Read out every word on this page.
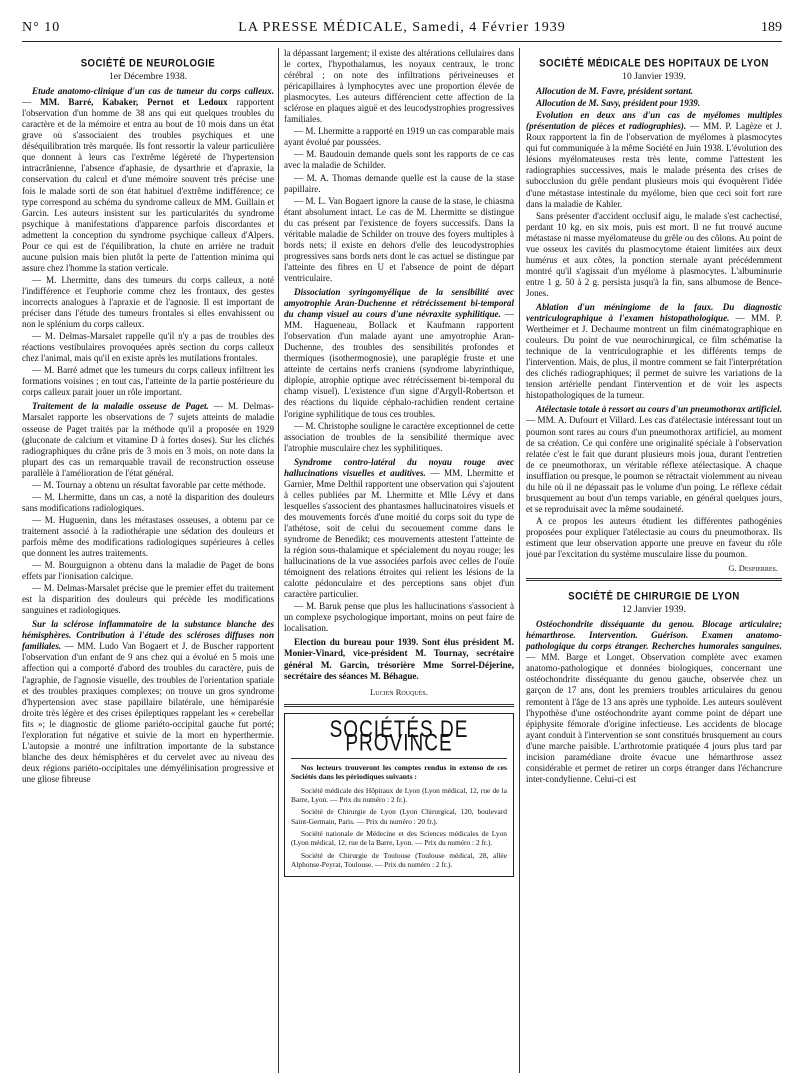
N° 10	LA PRESSE MÉDICALE, Samedi, 4 Février 1939	189
SOCIÉTÉ DE NEUROLOGIE
1er Décembre 1938.

Etude anatomo-clinique d'un cas de tumeur du corps calleux. — MM. Barré, Kabaker, Pernot et Ledoux rapportent l'observation d'un homme de 38 ans qui eut quelques troubles du caractère et de la mémoire et entra au bout de 10 mois dans un état grave où s'associaient des troubles psychiques et une déséquilibration très marquée. Ils font ressortir la valeur particulière que donnent à leurs cas l'extrême légèreté de l'hypertension intracrânienne, l'absence d'aphasie, de dysarthrie et d'apraxie, la conservation du calcul et d'une mémoire souvent très précise une fois le malade sorti de son état habituel d'extrême indifférence; ce type correspond au schéma du syndrome calleux de MM. Guillain et Garcin. Les auteurs insistent sur les particularités du syndrome psychique à manifestations d'apparence parfois discordantes et admettent la conception du syndrome psychique calleux d'Alpers. Pour ce qui est de l'équilibration, la chute en arrière ne traduit aucune pulsion mais bien plutôt la perte de l'attention minima qui assure chez l'homme la station verticale.

— M. Lhermitte, dans des tumeurs du corps calleux, a noté l'indifférence et l'euphorie comme chez les frontaux, des gestes incorrects analogues à l'apraxie et de l'agnosie. Il est important de préciser dans l'étude des tumeurs frontales si elles envahissent ou non le splénium du corps calleux.

— M. Delmas-Marsalet rappelle qu'il n'y a pas de troubles des réactions vestibulaires provoquées après section du corps calleux chez l'animal, mais qu'il en existe après les mutilations frontales.

— M. Barré admet que les tumeurs du corps calleux infiltrent les formations voisines ; en tout cas, l'atteinte de la partie postérieure du corps calleux parait jouer un rôle important.

Traitement de la maladie osseuse de Paget. — M. Delmas-Marsalet rapporte les observations de 7 sujets atteints de maladie osseuse de Paget traités par la méthode qu'il a proposée en 1929 (gluconate de calcium et vitamine D à fortes doses). Sur les clichés radiographiques du crâne pris de 3 mois en 3 mois, on note dans la plupart des cas un remarquable travail de reconstruction osseuse parallèle à l'amélioration de l'état général.

— M. Tournay a obtenu un résultat favorable par cette méthode.

— M. Lhermitte, dans un cas, a noté la disparition des douleurs sans modifications radiologiques.

— M. Huguenin, dans les métastases osseuses, a obtenu par ce traitement associé à la radiothérapie une sédation des douleurs et parfois même des modifications radiologiques supérieures à celles que donnent les autres traitements.

— M. Bourguignon a obtenu dans la maladie de Paget de bons effets par l'ionisation calcique.

— M. Delmas-Marsalet précise que le premier effet du traitement est la disparition des douleurs qui précède les modifications sanguines et radiologiques.

Sur la sclérose inflammatoire de la substance blanche des hémisphères. Contribution à l'étude des scléroses diffuses non familiales. — MM. Ludo Van Bogaert et J. de Buscher rapportent l'observation d'un enfant de 9 ans chez qui a évolué en 5 mois une affection qui a comporté d'abord des troubles du caractère, puis de l'agraphie, de l'agnosie visuelle, des troubles de l'orientation spatiale et des troubles praxiques complexes; on trouve un gros syndrome d'hypertension avec stase papillaire bilatérale, une hémiparésie droite très légère et des crises épileptiques rappelant les « cerebellar fits »; le diagnostic de gliome pariéto-occipital gauche fut porté; l'exploration fut négative et suivie de la mort en hyperthermie. L'autopsie a montré une infiltration importante de la substance blanche des deux hémisphères et du cervelet avec au niveau des deux régions pariéto-occipitales une démyélinisation progressive et une gliose fibreuse

la dépassant largement; il existe des altérations cellulaires dans le cortex, l'hypothalamus, les noyaux centraux, le tronc cérébral ; on note des infiltrations périveineuses et péricapillaires à lymphocytes avec une proportion élevée de plasmocytes. Les auteurs différencient cette affection de la sclérose en plaques aiguë et des leucodystrophies progressives familiales.

— M. Lhermitte a rapporté en 1919 un cas comparable mais ayant évolué par poussées.

— M. Baudouin demande quels sont les rapports de ce cas avec la maladie de Schilder.

— M. A. Thomas demande quelle est la cause de la stase papillaire.

— M. L. Van Bogaert ignore la cause de la stase, le chiasma étant absolument intact. Le cas de M. Lhermitte se distingue du cas présent par l'existence de foyers successifs. Dans la véritable maladie de Schilder on trouve des foyers multiples à bords nets; il existe en dehors d'elle des leucodystrophies progressives sans bords nets dont le cas actuel se distingue par l'atteinte des fibres en U et l'absence de point de départ ventriculaire.

Dissociation syringomyélique de la sensibilité avec amyotrophie Aran-Duchenne et rétrécissement bi-temporal du champ visuel au cours d'une névraxite syphilitique. — MM. Hagueneau, Bollack et Kaufmann rapportent l'observation d'un malade ayant une amyotrophie Aran-Duchenne, des troubles des sensibilités profondes et thermiques (isothermognosie), une paraplégie fruste et une atteinte de certains nerfs craniens (syndrome labyrinthique, diplopie, atrophie optique avec rétrécissement bi-temporal du champ visuel). L'existence d'un signe d'Argyll-Robertson et des réactions du liquide céphalo-rachidien rendent certaine l'origine syphilitique de tous ces troubles.

— M. Christophe souligne le caractère exceptionnel de cette association de troubles de la sensibilité thermique avec l'atrophie musculaire chez les syphilitiques.

Syndrome contro-latéral du noyau rouge avec hallucinations visuelles et auditives. — MM. Lhermitte et Garnier, Mme Delthil rapportent une observation qui s'ajoutent à celles publiées par M. Lhermitte et Mlle Lévy et dans lesquelles s'associent des phantasmes hallucinatoires visuels et des mouvements forcés d'une moitié du corps soit du type de l'athétose, soit de celui du secouement comme dans le syndrome de Benedikt; ces mouvements attestent l'atteinte de la région sous-thalamique et spécialement du noyau rouge; les hallucinations de la vue associées parfois avec celles de l'ouïe témoignent des relations étroites qui relient les lésions de la calotte pédonculaire et des perceptions sans objet d'un caractère particulier.

— M. Baruk pense que plus les hallucinations s'associent à un complexe psychologique important, moins on peut faire de localisation.

Election du bureau pour 1939. Sont élus président M. Monier-Vinard, vice-président M. Tournay, secrétaire général M. Garcin, trésorière Mme Sorrel-Déjerine, secrétaire des séances M. Béhague.

Lucien Rouquès.
SOCIÉTÉS DE PROVINCE

Nos lecteurs trouveront les comptes rendus in extenso de ces Sociétés dans les périodiques suivants :

Société médicale des Hôpitaux de Lyon (Lyon médical, 12, rue de la Barre, Lyon. — Prix du numéro : 2 fr.).

Société de Chirurgie de Lyon (Lyon Chirurgical, 120, boulevard Saint-Germain, Paris. — Prix du numéro : 20 fr.).

Société nationale de Médecine et des Sciences médicales de Lyon (Lyon médical, 12, rue de la Barre, Lyon. — Prix du numéro : 2 fr.).

Société de Chirurgie de Toulouse (Toulouse médical, 28, allée Alphonse-Peyrat, Toulouse. — Prix du numéro : 2 fr.).

SOCIÉTÉ MÉDICALE DES HOPITAUX DE LYON
10 Janvier 1939.

Allocution de M. Favre, président sortant.

Allocution de M. Savy, président pour 1939.

Evolution en deux ans d'un cas de myélomes multiples (présentation de pièces et radiographies). — MM. P. Lagèze et J. Roux rapportent la fin de l'observation de myélomes à plasmocytes qui fut communiquée à la même Société en Juin 1938. L'évolution des lésions myélomateuses resta très lente, comme l'attestent les radiographies successives, mais le malade présenta des crises de subocclusion du grêle pendant plusieurs mois qui évoquèrent l'idée d'une métastase intestinale du myélome, bien que ceci soit fort rare dans la maladie de Kahler.

Sans présenter d'accident occlusif aigu, le malade s'est cachectisé, perdant 10 kg. en six mois, puis est mort. Il ne fut trouvé aucune métastase ni masse myélomateuse du grêle ou des côlons. Au point de vue osseux les cavités du plasmocytome étaient limitées aux deux humérus et aux côtes, la ponction sternale ayant précédemment montré qu'il s'agissait d'un myélome à plasmocytes. L'albuminurie entre 1 g. 50 à 2 g. persista jusqu'à la fin, sans albumose de Bence-Jones.

Ablation d'un méningiome de la faux. Du diagnostic ventriculographique à l'examen histopathologique. — MM. P. Wertheimer et J. Dechaume montrent un film cinématographique en couleurs. Du point de vue neurochirurgical, ce film schématise la technique de la ventriculographie et les différents temps de l'intervention. Mais, de plus, il montre comment se fait l'interprétation des clichés radiographiques; il permet de suivre les variations de la tension artérielle pendant l'intervention et de voir les aspects histopathologiques de la tumeur.

Atélectasie totale à ressort au cours d'un pneumothorax artificiel. — MM. A. Dufourt et Villard. Les cas d'atélectasie intéressant tout un poumon sont rares au cours d'un pneumothorax artificiel, au moment de sa création. Ce qui confère une originalité spéciale à l'observation relatée c'est le fait que durant plusieurs mois joua, durant l'entretien de ce pneumothorax, un véritable réflexe atélectasique. A chaque insufflation ou presque, le poumon se rétractait violemment au niveau du hile où il ne dépassait pas le volume d'un poing. Le réflexe cédait brusquement au bout d'un temps variable, en général quelques jours, et se reproduisait avec la même soudaineté.

A ce propos les auteurs étudient les différentes pathogénies proposées pour expliquer l'atélectasie au cours du pneumothorax. Ils estiment que leur observation apporte une preuve en faveur du rôle joué par l'excitation du système musculaire lisse du poumon.

G. Despierres.
SOCIÉTÉ DE CHIRURGIE DE LYON
12 Janvier 1939.

Ostéochondrite disséquante du genou. Blocage articulaire; hémarthrose. Intervention. Guérison. Examen anatomo-pathologique du corps étranger. Recherches humorales sanguines. — MM. Barge et Longet. Observation complète avec examen anatomo-pathologique et données biologiques, concernant une ostéochondrite disséquante du genou gauche, observée chez un garçon de 17 ans, dont les premiers troubles articulaires du genou remontent à l'âge de 13 ans après une typhoïde. Les auteurs soulèvent l'hypothèse d'une ostéochondrite ayant comme point de départ une épiphysite fémorale d'origine infectieuse. Les accidents de blocage ayant conduit à l'intervention se sont constitués brusquement au cours d'une marche paisible. L'arthrotomie pratiquée 4 jours plus tard par incision paramédiane droite évacue une hémarthrose assez considérable et permet de retirer un corps étranger dans l'échancrure inter-condylienne. Celui-ci est
